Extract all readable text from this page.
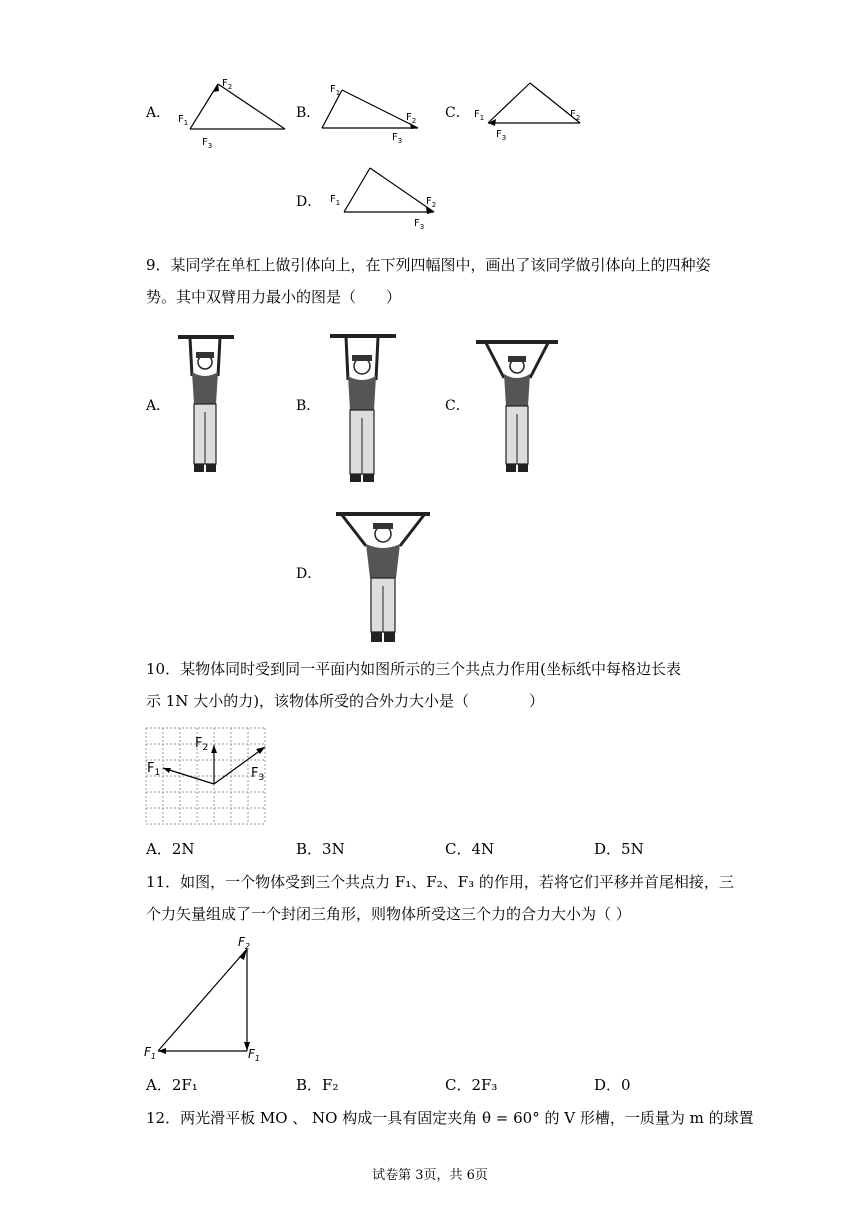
A．
$F_2$
$F_1$
$F_3$
B．
$F_1$
$F_2$
$F_3$
C． $F_1$	$F_2$
$F_3$
D． $F_1$	$F_2$
$F_3$
9．某同学在单杠上做引体向上，在下列四幅图中，画出了该同学做引体向上的四种姿
势。其中双臂用力最小的图是（　　）
A．	B．	C．
D．
10．某物体同时受到同一平面内如图所示的三个共点力作用(坐标纸中每格边长表
示 1N 大小的力)，该物体所受的合外力大小是（　　　　）
$F_1$
$F_2$
$F_3$
A．2N	B．3N	C．4N	D．5N
11．如图，一个物体受到三个共点力 F₁、F₂、F₃ 的作用，若将它们平移并首尾相接，三
个力矢量组成了一个封闭三角形，则物体所受这三个力的合力大小为（ ）
$F_2$
$F_1$	$F_1$
A．2F₁	B．F₂	C．2F₃	D．0
12．两光滑平板 MO 、 NO 构成一具有固定夹角 θ = 60° 的 V 形槽，一质量为 m 的球置
试卷第 3页，共 6页
